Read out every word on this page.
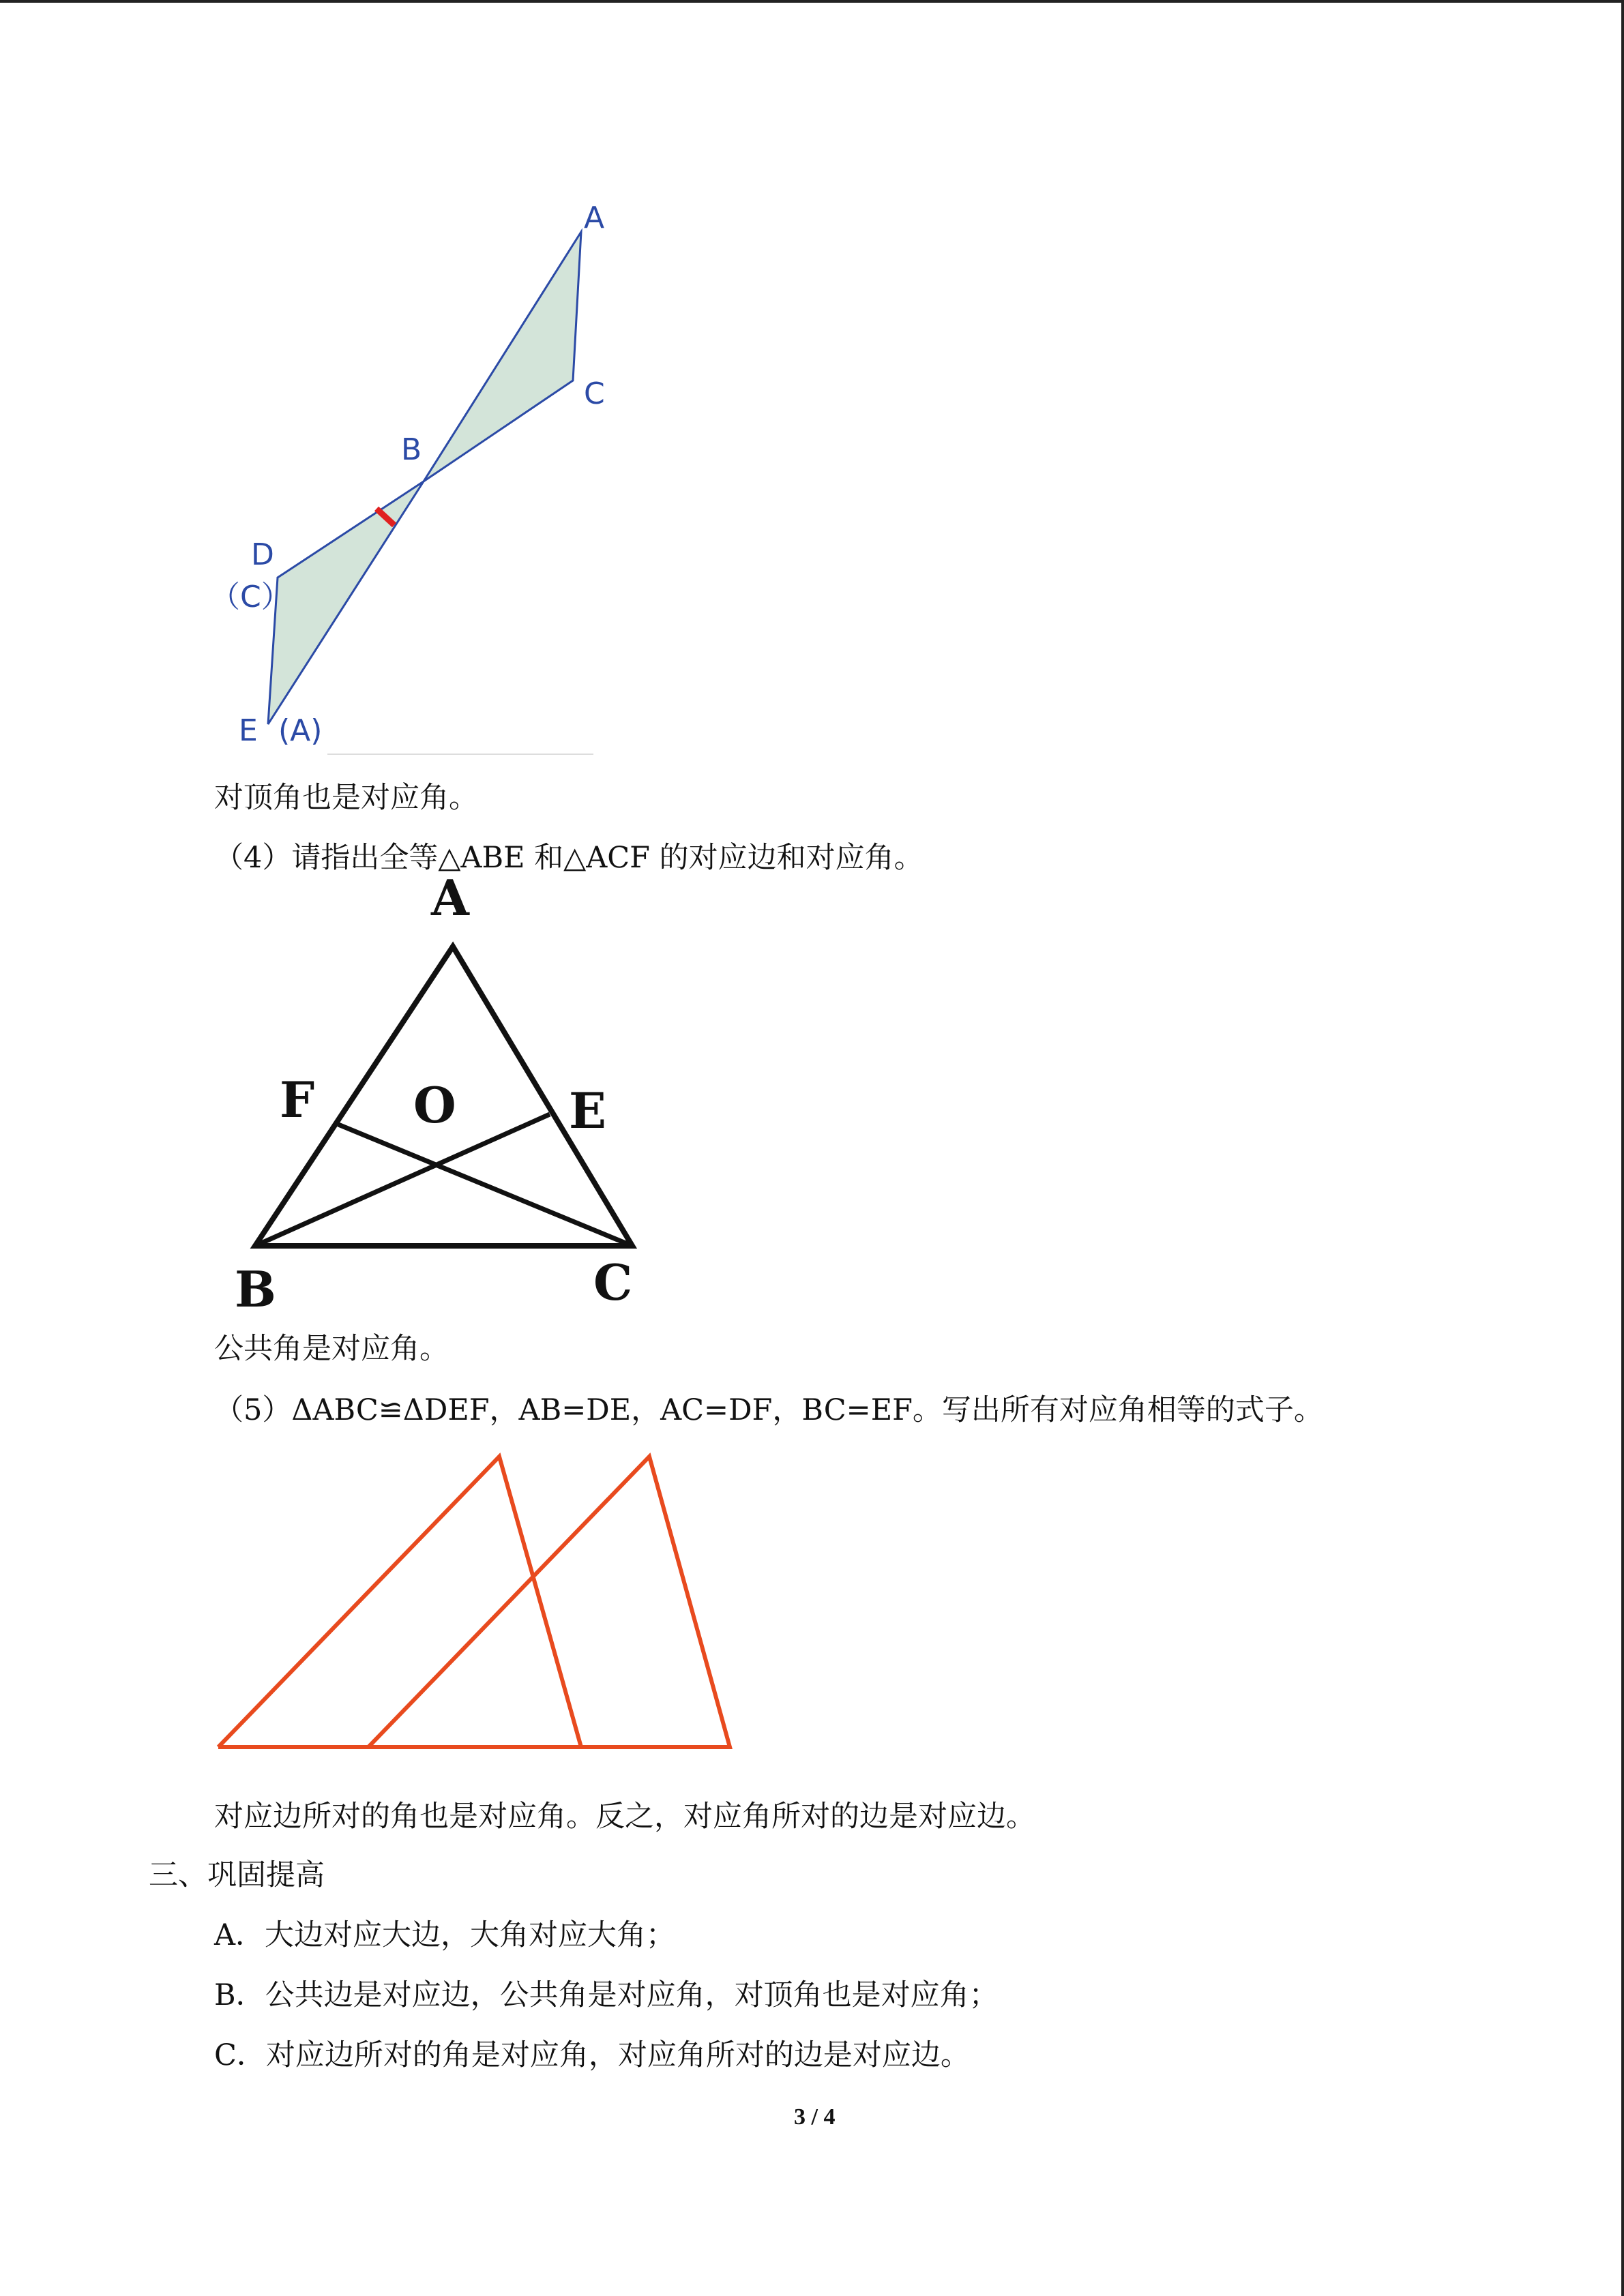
A
C
B
D
（C）
E (A)
对顶角也是对应角。
（4）请指出全等△ABE 和△ACF 的对应边和对应角。
A
F O E
B	C
公共角是对应角。
（5）ΔABC≌ΔDEF，AB=DE，AC=DF，BC=EF。写出所有对应角相等的式子。
对应边所对的角也是对应角。反之，对应角所对的边是对应边。
三、巩固提高
A．大边对应大边，大角对应大角；
B．公共边是对应边，公共角是对应角，对顶角也是对应角；
C．对应边所对的角是对应角，对应角所对的边是对应边。
3 / 4
